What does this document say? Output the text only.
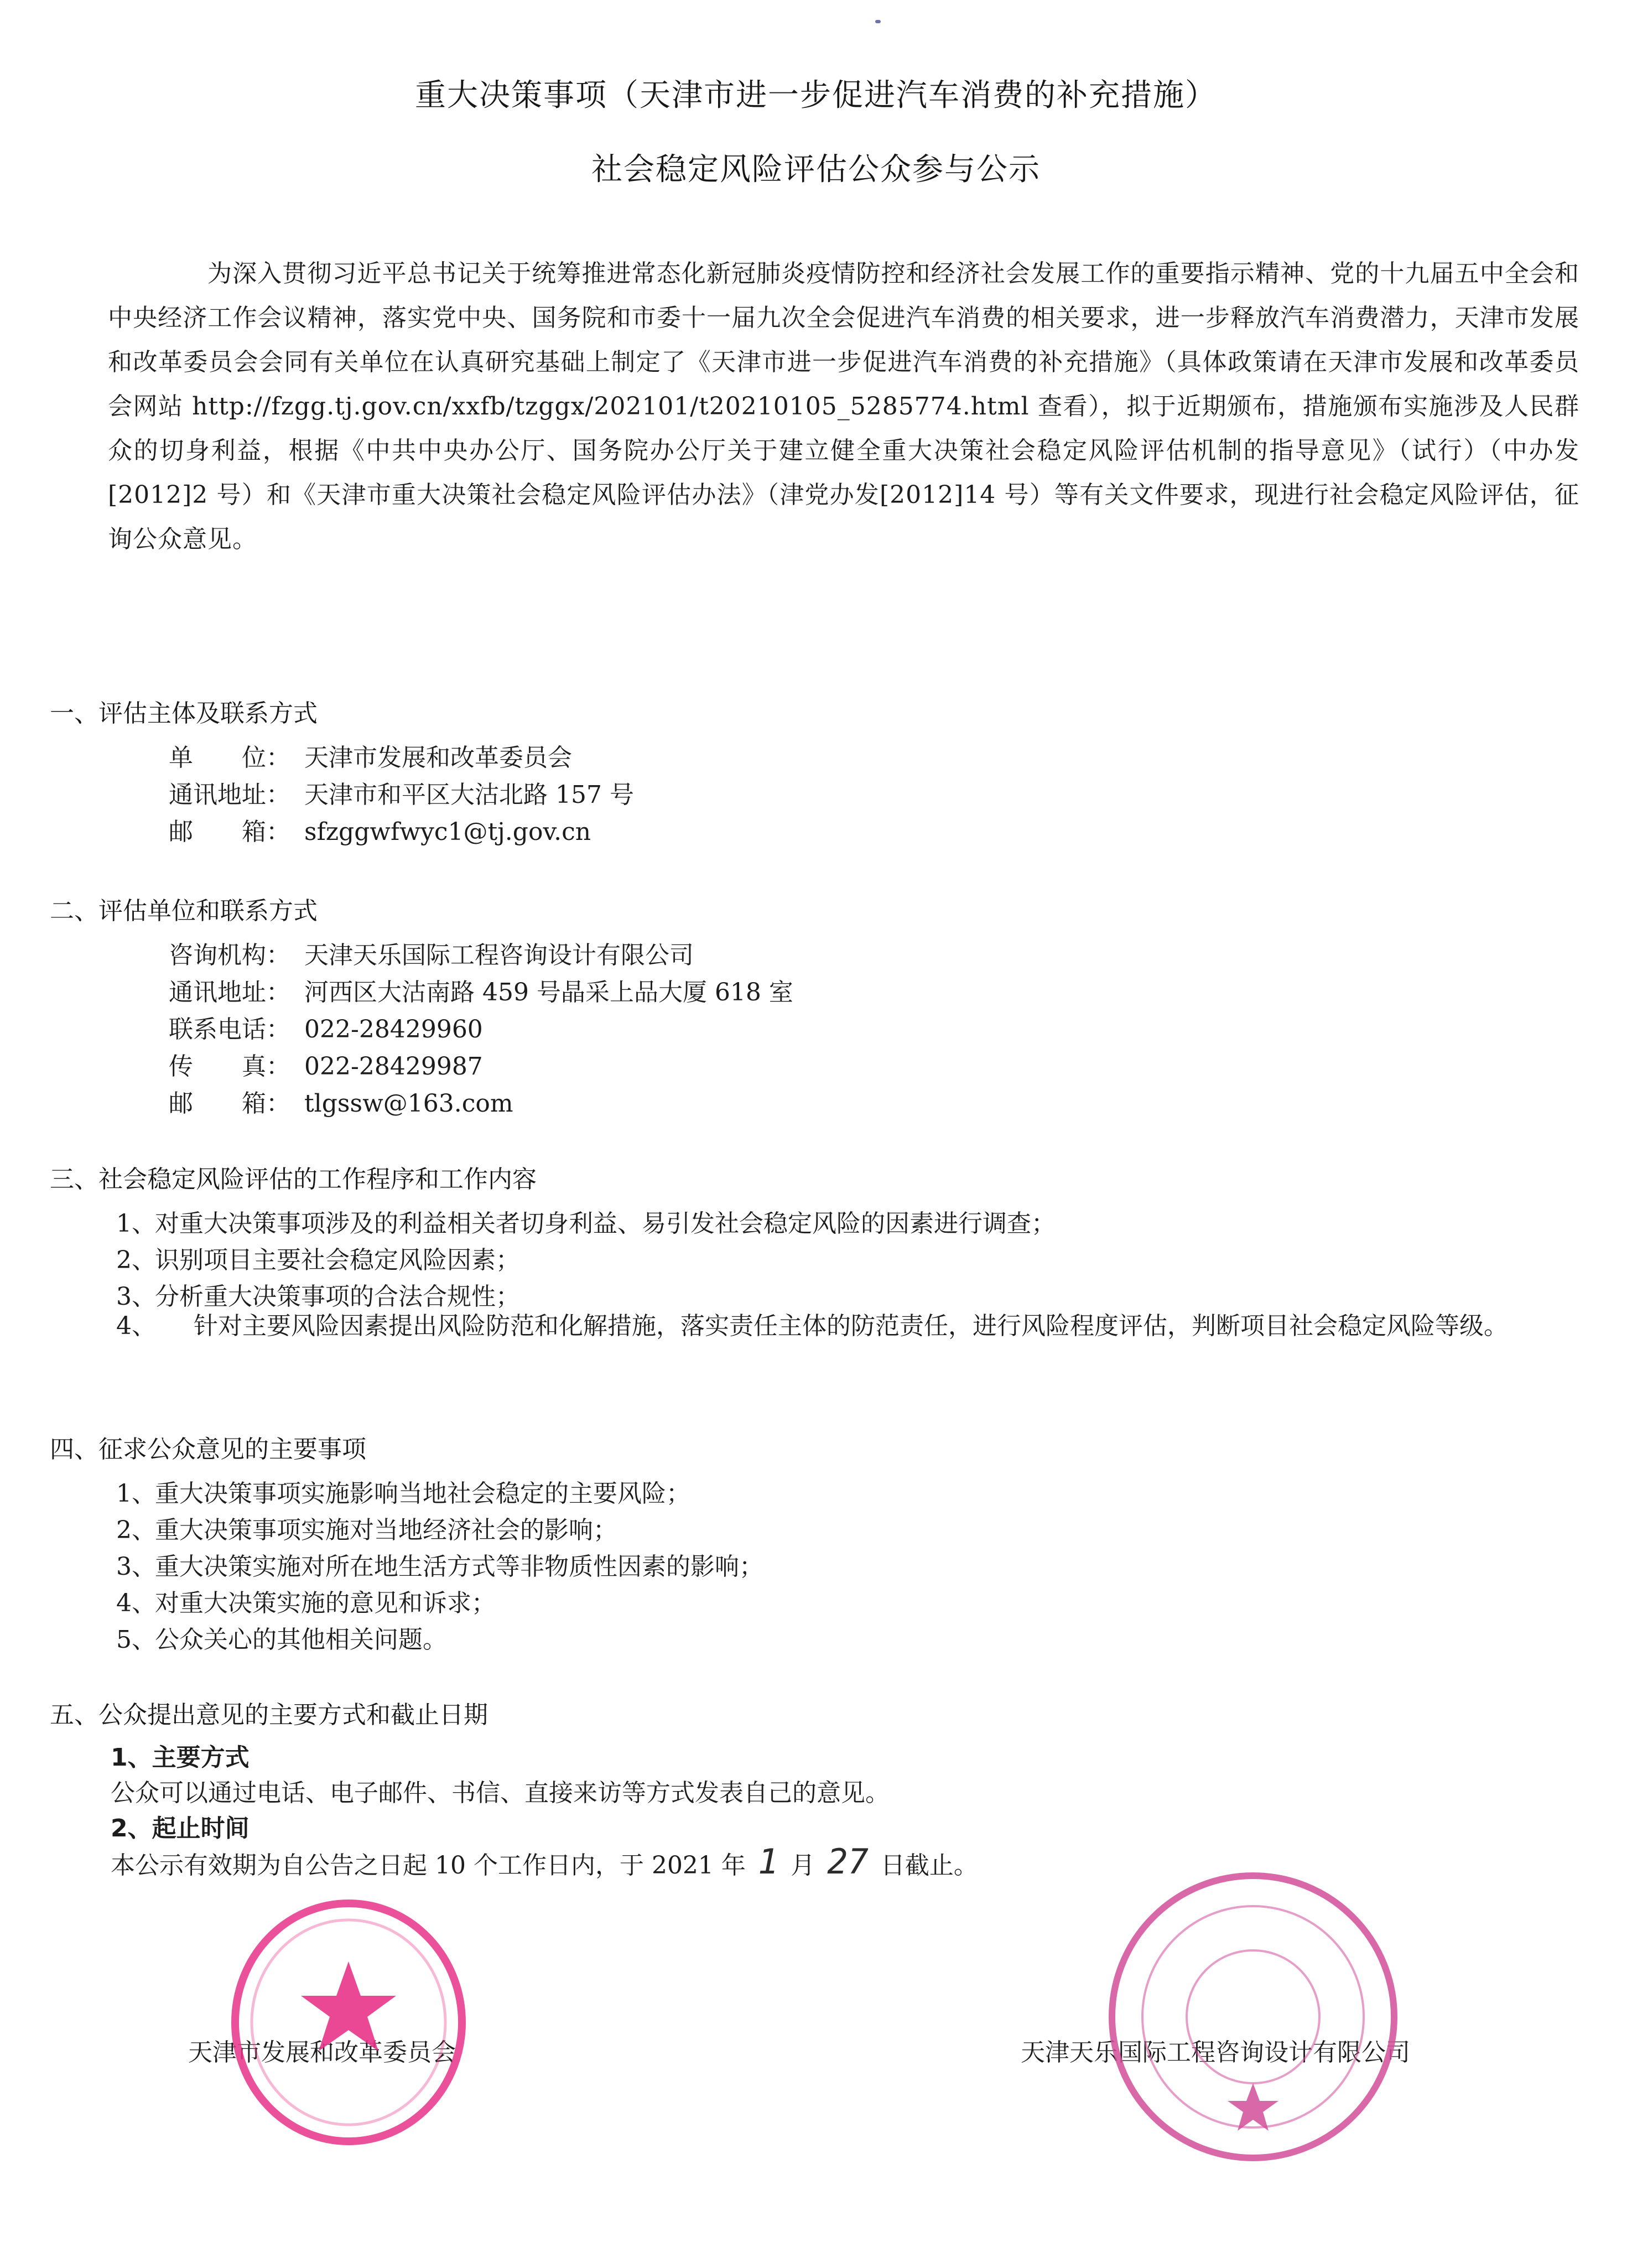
重大决策事项（天津市进一步促进汽车消费的补充措施）
社会稳定风险评估公众参与公示
为深入贯彻习近平总书记关于统筹推进常态化新冠肺炎疫情防控和经济社会发展工作的重要指示精神、党的十九届五中全会和中央经济工作会议精神，落实党中央、国务院和市委十一届九次全会促进汽车消费的相关要求，进一步释放汽车消费潜力，天津市发展和改革委员会会同有关单位在认真研究基础上制定了《天津市进一步促进汽车消费的补充措施》（具体政策请在天津市发展和改革委员会网站 http://fzgg.tj.gov.cn/xxfb/tzggx/202101/t20210105_5285774.html 查看），拟于近期颁布，措施颁布实施涉及人民群众的切身利益，根据《中共中央办公厅、国务院办公厅关于建立健全重大决策社会稳定风险评估机制的指导意见》（试行）（中办发[2012]2 号）和《天津市重大决策社会稳定风险评估办法》（津党办发[2012]14 号）等有关文件要求，现进行社会稳定风险评估，征询公众意见。
一、评估主体及联系方式
单　　位： 天津市发展和改革委员会
通讯地址： 天津市和平区大沽北路 157 号
邮　　箱： sfzggwfwyc1@tj.gov.cn
二、评估单位和联系方式
咨询机构： 天津天乐国际工程咨询设计有限公司
通讯地址： 河西区大沽南路 459 号晶采上品大厦 618 室
联系电话： 022-28429960
传　　真： 022-28429987
邮　　箱： tlgssw@163.com
三、社会稳定风险评估的工作程序和工作内容
1、对重大决策事项涉及的利益相关者切身利益、易引发社会稳定风险的因素进行调查；
2、识别项目主要社会稳定风险因素；
3、分析重大决策事项的合法合规性；
4、	针对主要风险因素提出风险防范和化解措施，落实责任主体的防范责任，进行风险程度评估，判断项目社会稳定风险等级。
四、征求公众意见的主要事项
1、重大决策事项实施影响当地社会稳定的主要风险；
2、重大决策事项实施对当地经济社会的影响；
3、重大决策实施对所在地生活方式等非物质性因素的影响；
4、对重大决策实施的意见和诉求；
5、公众关心的其他相关问题。
五、公众提出意见的主要方式和截止日期
1、主要方式
公众可以通过电话、电子邮件、书信、直接来访等方式发表自己的意见。
2、起止时间
本公示有效期为自公告之日起 10 个工作日内，于 2021 年 1 月 27 日截止。
天津市发展和改革委员会	天津天乐国际工程咨询设计有限公司
